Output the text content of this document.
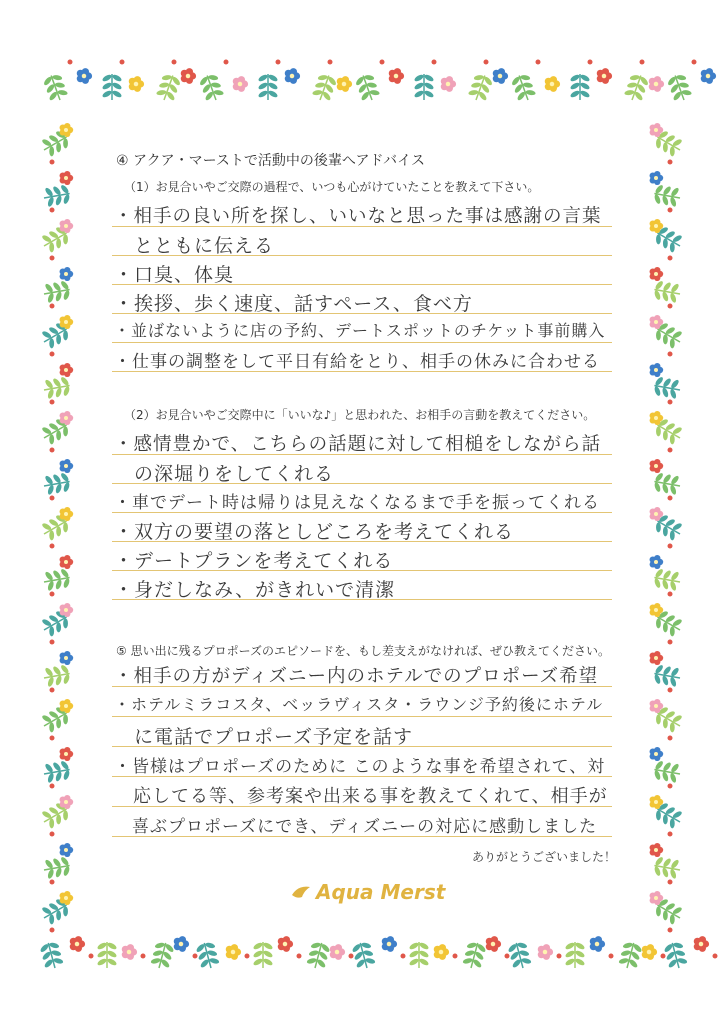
④ アクア・マーストで活動中の後輩へアドバイス
（1）お見合いやご交際の過程で、いつも心がけていたことを教えて下さい。
・相手の良い所を探し、いいなと思った事は感謝の言葉
　とともに伝える
・口臭、体臭
・挨拶、歩く速度、話すペース、食べ方
・並ばないように店の予約、デートスポットのチケット事前購入
・仕事の調整をして平日有給をとり、相手の休みに合わせる
（2）お見合いやご交際中に「いいな♪」と思われた、お相手の言動を教えてください。
・感情豊かで、こちらの話題に対して相槌をしながら話
　の深堀りをしてくれる
・車でデート時は帰りは見えなくなるまで手を振ってくれる
・双方の要望の落としどころを考えてくれる
・デートプランを考えてくれる
・身だしなみ、がきれいで清潔
⑤ 思い出に残るプロポーズのエピソードを、もし差支えがなければ、ぜひ教えてください。
・相手の方がディズニー内のホテルでのプロポーズ希望
・ホテルミラコスタ、ベッラヴィスタ・ラウンジ予約後にホテル
　に電話でプロポーズ予定を話す
・皆様はプロポーズのために このような事を希望されて、対
　応してる等、参考案や出来る事を教えてくれて、相手が
　喜ぶプロポーズにでき、ディズニーの対応に感動しました
ありがとうございました！
Aqua Merst
